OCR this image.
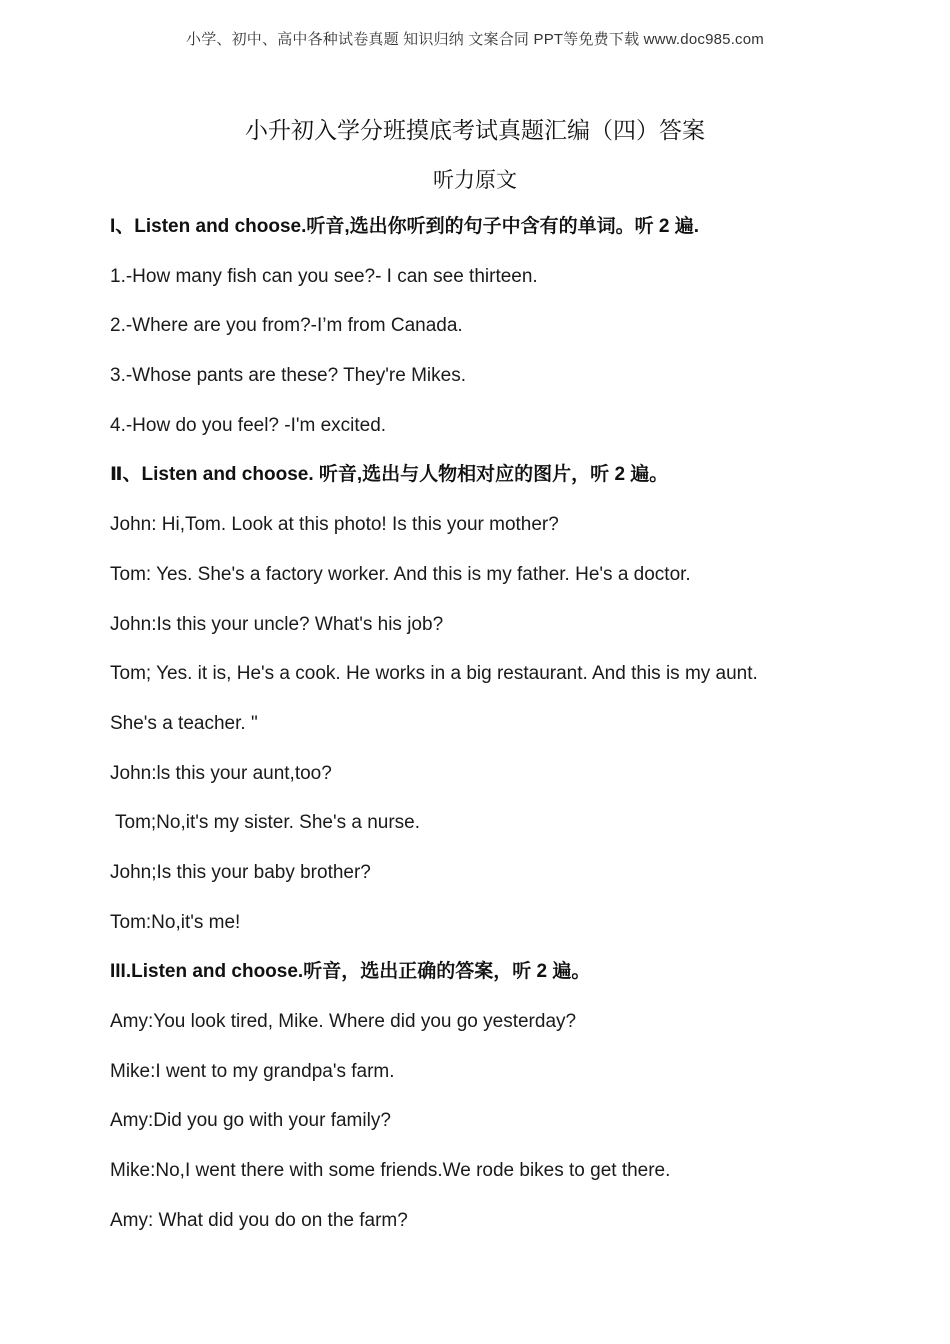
小学、初中、高中各种试卷真题 知识归纳 文案合同 PPT等免费下载 www.doc985.com
小升初入学分班摸底考试真题汇编（四）答案
听力原文
I、Listen and choose.听音,选出你听到的句子中含有的单词。听 2 遍.
1.-How many fish can you see?- I can see thirteen.
2.-Where are you from?-I’m from Canada.
3.-Whose pants are these? They're Mikes.
4.-How do you feel? -I'm excited.
Ⅱ、Listen and choose. 听音,选出与人物相对应的图片，听 2 遍。
John: Hi,Tom. Look at this photo! Is this your mother?
Tom: Yes. She's a factory worker. And this is my father. He's a doctor.
John:Is this your uncle? What's his job?
Tom; Yes. it is, He's a cook. He works in a big restaurant. And this is my aunt.
She's a teacher. "
John:ls this your aunt,too?
Tom;No,it's my sister. She's a nurse.
John;Is this your baby brother?
Tom:No,it's me!
III.Listen and choose.听音，选出正确的答案，听 2 遍。
Amy:You look tired, Mike. Where did you go yesterday?
Mike:I went to my grandpa's farm.
Amy:Did you go with your family?
Mike:No,I went there with some friends.We rode bikes to get there.
Amy: What did you do on the farm?
